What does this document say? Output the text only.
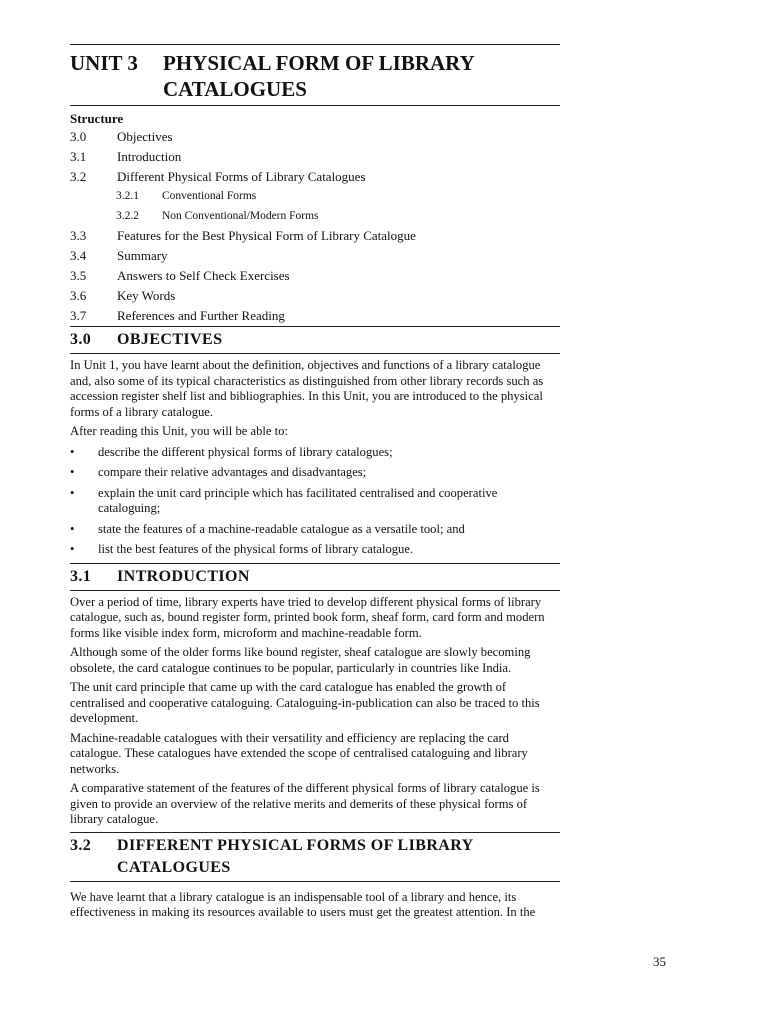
UNIT 3	PHYSICAL FORM OF LIBRARY
CATALOGUES
Structure
3.0	Objectives
3.1	Introduction
3.2	Different Physical Forms of Library Catalogues
3.2.1	Conventional Forms
3.2.2	Non Conventional/Modern Forms
3.3	Features for the Best Physical Form of Library Catalogue
3.4	Summary
3.5	Answers to Self Check Exercises
3.6	Key Words
3.7	References and Further Reading
3.0	OBJECTIVES

In Unit 1, you have learnt about the definition, objectives and functions of a library catalogue and, also some of its typical characteristics as distinguished from other library records such as accession register shelf list and bibliographies. In this Unit, you are introduced to the physical forms of a library catalogue.

After reading this Unit, you will be able to:

•	describe the different physical forms of library catalogues;
•	compare their relative advantages and disadvantages;
•	explain the unit card principle which has facilitated centralised and cooperative cataloguing;
•	state the features of a machine-readable catalogue as a versatile tool; and
•	list the best features of the physical forms of library catalogue.
3.1	INTRODUCTION

Over a period of time, library experts have tried to develop different physical forms of library catalogue, such as, bound register form, printed book form, sheaf form, card form and modern forms like visible index form, microform and machine-readable form.

Although some of the older forms like bound register, sheaf catalogue are slowly becoming obsolete, the card catalogue continues to be popular, particularly in countries like India.

The unit card principle that came up with the card catalogue has enabled the growth of centralised and cooperative cataloguing. Cataloguing-in-publication can also be traced to this development.

Machine-readable catalogues with their versatility and efficiency are replacing the card catalogue. These catalogues have extended the scope of centralised cataloguing and library networks.

A comparative statement of the features of the different physical forms of library catalogue is given to provide an overview of the relative merits and demerits of these physical forms of library catalogue.

3.2	DIFFERENT PHYSICAL FORMS OF LIBRARY
CATALOGUES

We have learnt that a library catalogue is an indispensable tool of a library and hence, its effectiveness in making its resources available to users must get the greatest attention. In the

35
